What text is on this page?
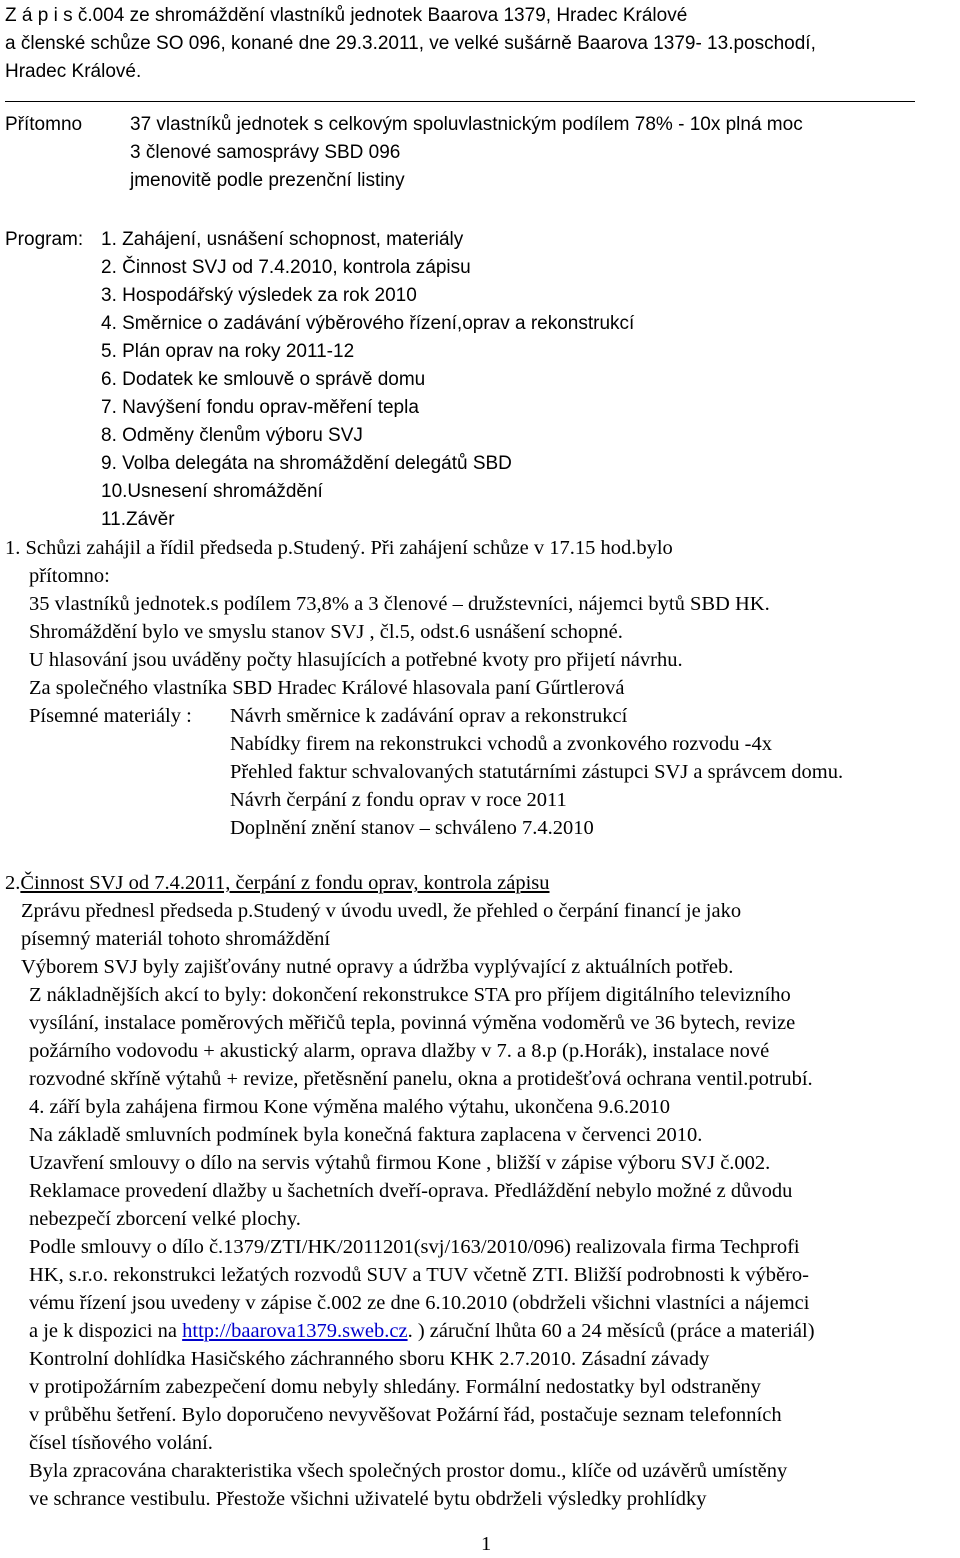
Z á p i s č.004 ze shromáždění vlastníků jednotek Baarova 1379, Hradec Králové

a členské schůze SO 096, konané dne 29.3.2011, ve velké sušárně Baarova 1379- 13.poschodí,

Hradec Králové.

Přítomno	37 vlastníků jednotek s celkovým spoluvlastnickým podílem 78% - 10x plná moc

3 členové samosprávy SBD 096

jmenovitě podle prezenční listiny

Program: 1. Zahájení, usnášení schopnost, materiály

2. Činnost SVJ od 7.4.2010, kontrola zápisu

3. Hospodářský výsledek za rok 2010

4. Směrnice o zadávání výběrového řízení,oprav a rekonstrukcí

5. Plán oprav na roky 2011-12

6. Dodatek ke smlouvě o správě domu

7. Navýšení fondu oprav-měření tepla

8. Odměny členům výboru SVJ

9. Volba delegáta na shromáždění delegátů SBD

10.Usnesení shromáždění

11.Závěr

1. Schůzi zahájil a řídil předseda p.Studený. Při zahájení schůze v 17.15 hod.bylo

přítomno:

35 vlastníků jednotek.s podílem 73,8% a 3 členové – družstevníci, nájemci bytů SBD HK.

Shromáždění bylo ve smyslu stanov SVJ , čl.5, odst.6 usnášení schopné.

U hlasování jsou uváděny počty hlasujících a potřebné kvoty pro přijetí návrhu.

Za společného vlastníka SBD Hradec Králové hlasovala paní Gűrtlerová

Písemné materiály : Návrh směrnice k zadávání oprav a rekonstrukcí

Nabídky firem na rekonstrukci vchodů a zvonkového rozvodu -4x

Přehled faktur schvalovaných statutárními zástupci SVJ a správcem domu.

Návrh čerpání z fondu oprav v roce 2011

Doplnění znění stanov – schváleno 7.4.2010

2.Činnost SVJ od 7.4.2011, čerpání z fondu oprav, kontrola zápisu

Zprávu přednesl předseda p.Studený v úvodu uvedl, že přehled o čerpání financí je jako

písemný materiál tohoto shromáždění

Výborem SVJ byly zajišťovány nutné opravy a údržba vyplývající z aktuálních potřeb.

Z nákladnějších akcí to byly: dokončení rekonstrukce STA pro příjem digitálního televizního

vysílání, instalace poměrových měřičů tepla, povinná výměna vodoměrů ve 36 bytech, revize

požárního vodovodu + akustický alarm, oprava dlažby v 7. a 8.p (p.Horák), instalace nové

rozvodné skříně výtahů + revize, přetěsnění panelu, okna a protidešťová ochrana ventil.potrubí.

4. září byla zahájena firmou Kone výměna malého výtahu, ukončena 9.6.2010

Na základě smluvních podmínek byla konečná faktura zaplacena v červenci 2010.

Uzavření smlouvy o dílo na servis výtahů firmou Kone , bližší v zápise výboru SVJ č.002.

Reklamace provedení dlažby u šachetních dveří-oprava. Předláždění nebylo možné z důvodu

nebezpečí zborcení velké plochy.

Podle smlouvy o dílo č.1379/ZTI/HK/2011201(svj/163/2010/096) realizovala firma Techprofi

HK, s.r.o. rekonstrukci ležatých rozvodů SUV a TUV včetně ZTI. Bližší podrobnosti k výběro-

vému řízení jsou uvedeny v zápise č.002 ze dne 6.10.2010 (obdrželi všichni vlastníci a nájemci

a je k dispozici na http://baarova1379.sweb.cz. ) záruční lhůta 60 a 24 měsíců (práce a materiál)

Kontrolní dohlídka Hasičského záchranného sboru KHK 2.7.2010. Zásadní závady

v protipožárním zabezpečení domu nebyly shledány. Formální nedostatky byl odstraněny

v průběhu šetření. Bylo doporučeno nevyvěšovat Požární řád, postačuje seznam telefonních

čísel tísňového volání.

Byla zpracována charakteristika všech společných prostor domu., klíče od uzávěrů umístěny

ve schrance vestibulu. Přestože všichni uživatelé bytu obdrželi výsledky prohlídky

1
